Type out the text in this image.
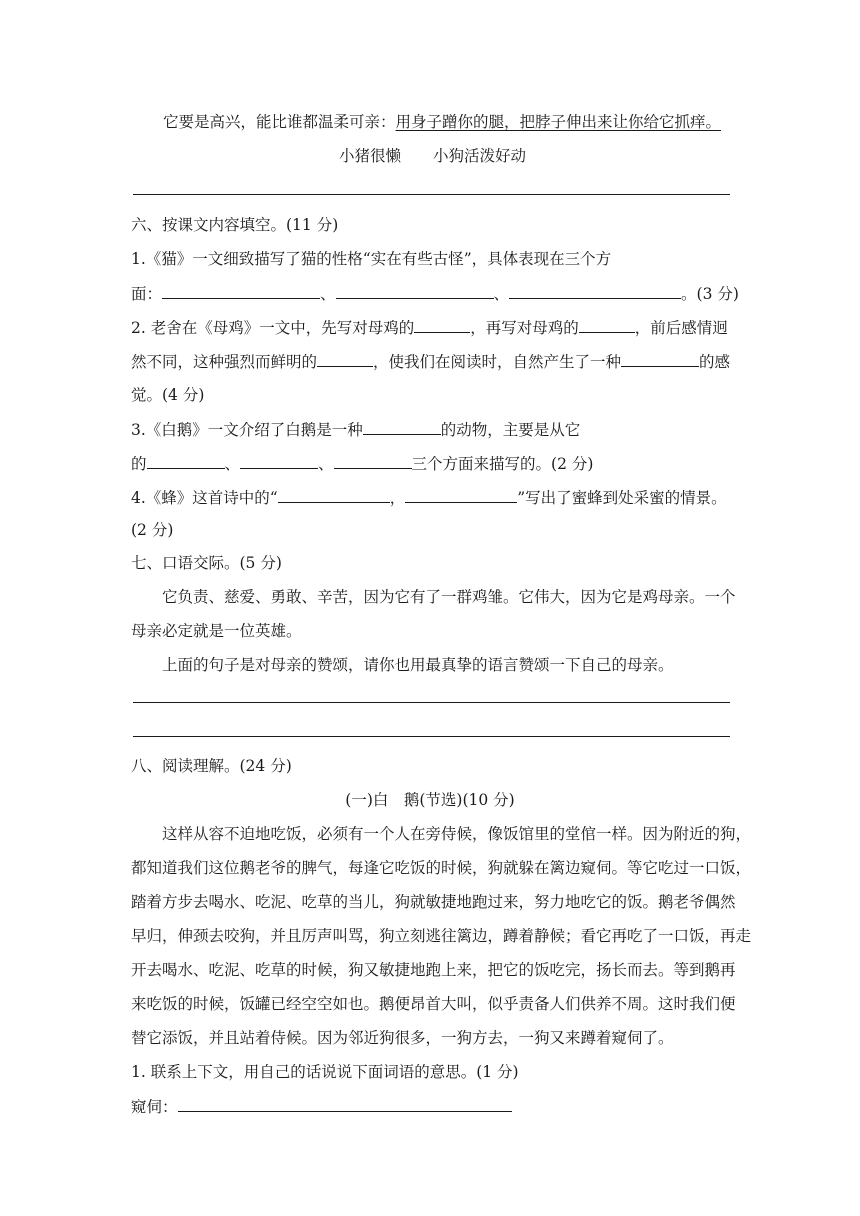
它要是高兴，能比谁都温柔可亲：用身子蹭你的腿，把脖子伸出来让你给它抓痒。
小猪很懒 小狗活泼好动
六、按课文内容填空。(11 分)
1.《猫》一文细致描写了猫的性格“实在有些古怪”，具体表现在三个方
面：	、	、	。(3 分)
2. 老舍在《母鸡》一文中，先写对母鸡的	，再写对母鸡的	，前后感情迥
然不同，这种强烈而鲜明的	，使我们在阅读时，自然产生了一种	的感
觉。(4 分)
3.《白鹅》一文介绍了白鹅是一种	的动物，主要是从它
的	、	、	三个方面来描写的。(2 分)
4.《蜂》这首诗中的“	，	”写出了蜜蜂到处采蜜的情景。
(2 分)
七、口语交际。(5 分)
它负责、慈爱、勇敢、辛苦，因为它有了一群鸡雏。它伟大，因为它是鸡母亲。一个
母亲必定就是一位英雄。
上面的句子是对母亲的赞颂，请你也用最真挚的语言赞颂一下自己的母亲。
八、阅读理解。(24 分)
(一)白　鹅(节选)(10 分)
这样从容不迫地吃饭，必须有一个人在旁侍候，像饭馆里的堂倌一样。因为附近的狗，
都知道我们这位鹅老爷的脾气，每逢它吃饭的时候，狗就躲在篱边窥伺。等它吃过一口饭，
踏着方步去喝水、吃泥、吃草的当儿，狗就敏捷地跑过来，努力地吃它的饭。鹅老爷偶然
早归，伸颈去咬狗，并且厉声叫骂，狗立刻逃往篱边，蹲着静候；看它再吃了一口饭，再走
开去喝水、吃泥、吃草的时候，狗又敏捷地跑上来，把它的饭吃完，扬长而去。等到鹅再
来吃饭的时候，饭罐已经空空如也。鹅便昂首大叫，似乎责备人们供养不周。这时我们便
替它添饭，并且站着侍候。因为邻近狗很多，一狗方去，一狗又来蹲着窥伺了。
1. 联系上下文，用自己的话说说下面词语的意思。(1 分)
窥伺：
